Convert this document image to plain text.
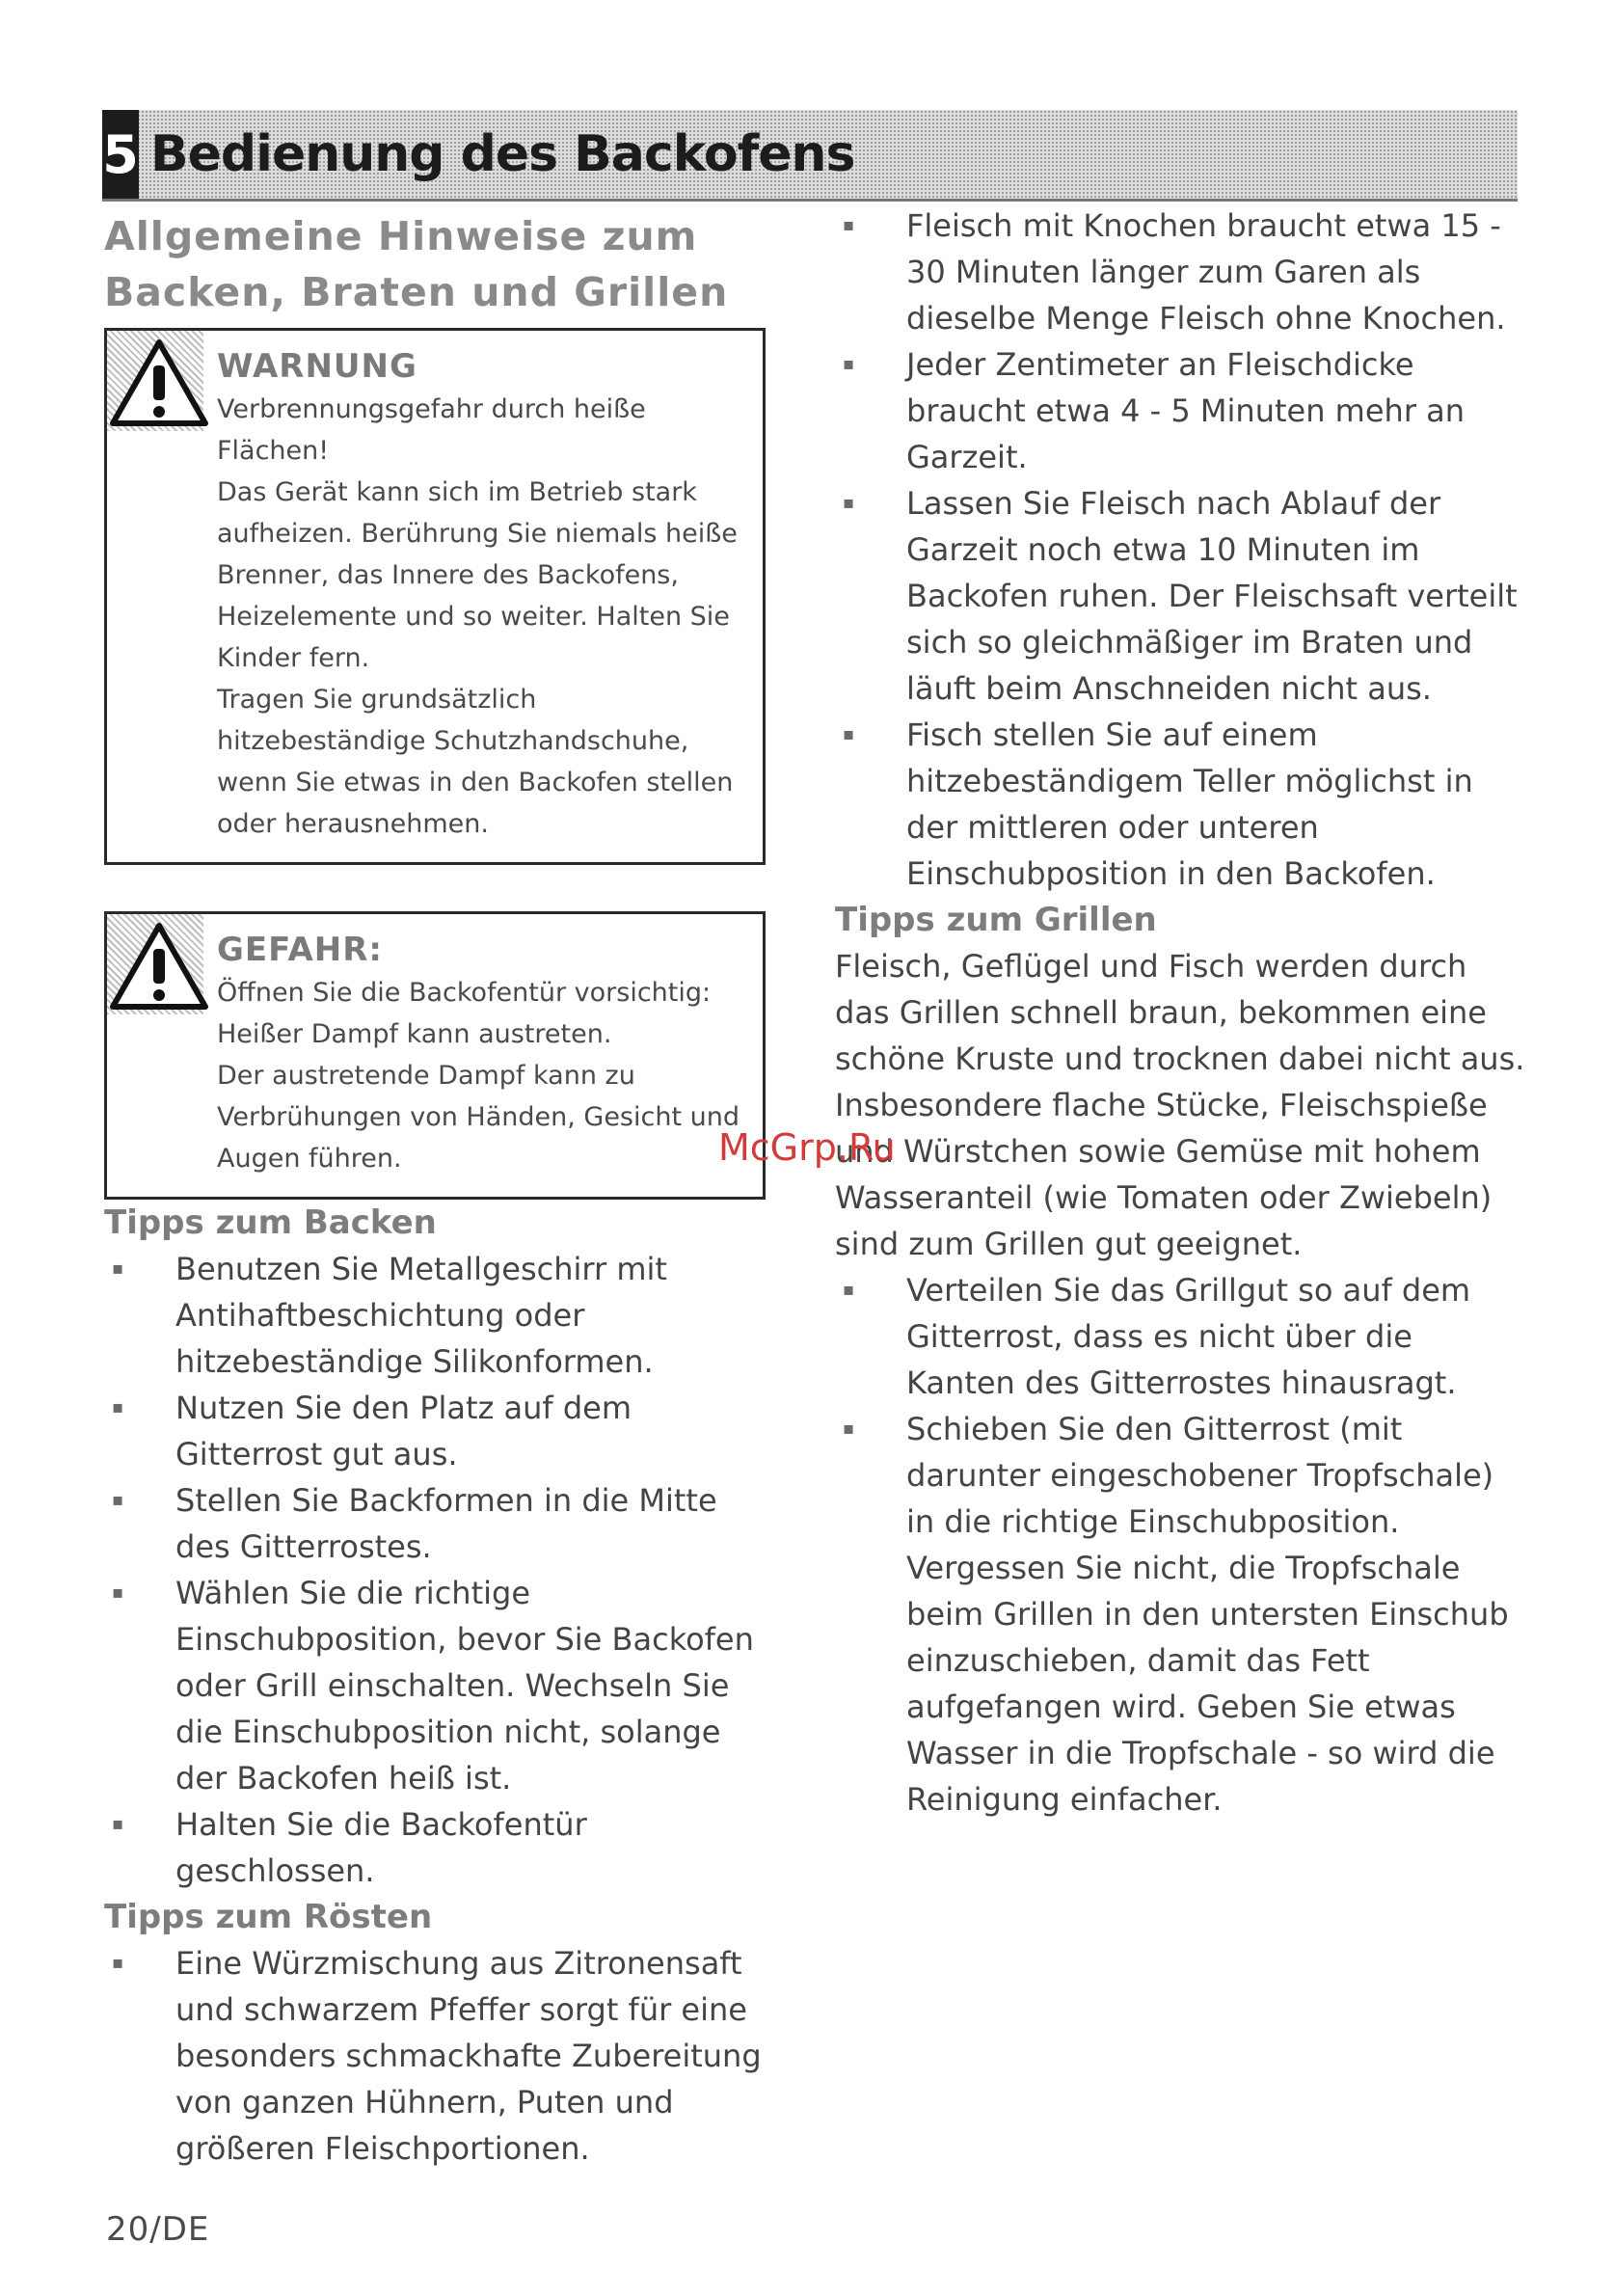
5 Bedienung des Backofens
Allgemeine Hinweise zum
Backen, Braten und Grillen
WARNUNG
Verbrennungsgefahr durch heiße Flächen!
Das Gerät kann sich im Betrieb stark aufheizen. Berührung Sie niemals heiße Brenner, das Innere des Backofens, Heizelemente und so weiter. Halten Sie Kinder fern.
Tragen Sie grundsätzlich hitzebeständige Schutzhandschuhe, wenn Sie etwas in den Backofen stellen oder herausnehmen.
GEFAHR:
Öffnen Sie die Backofentür vorsichtig: Heißer Dampf kann austreten.
Der austretende Dampf kann zu Verbrühungen von Händen, Gesicht und Augen führen.
Tipps zum Backen
▪ Benutzen Sie Metallgeschirr mit Antihaftbeschichtung oder hitzebeständige Silikonformen.
▪ Nutzen Sie den Platz auf dem Gitterrost gut aus.
▪ Stellen Sie Backformen in die Mitte des Gitterrostes.
▪ Wählen Sie die richtige Einschubposition, bevor Sie Backofen oder Grill einschalten. Wechseln Sie die Einschubposition nicht, solange der Backofen heiß ist.
▪ Halten Sie die Backofentür geschlossen.
Tipps zum Rösten
▪ Eine Würzmischung aus Zitronensaft und schwarzem Pfeffer sorgt für eine besonders schmackhafte Zubereitung von ganzen Hühnern, Puten und größeren Fleischportionen.
▪ Fleisch mit Knochen braucht etwa 15 - 30 Minuten länger zum Garen als dieselbe Menge Fleisch ohne Knochen.
▪ Jeder Zentimeter an Fleischdicke braucht etwa 4 - 5 Minuten mehr an Garzeit.
▪ Lassen Sie Fleisch nach Ablauf der Garzeit noch etwa 10 Minuten im Backofen ruhen. Der Fleischsaft verteilt sich so gleichmäßiger im Braten und läuft beim Anschneiden nicht aus.
▪ Fisch stellen Sie auf einem hitzebeständigem Teller möglichst in der mittleren oder unteren Einschubposition in den Backofen.
Tipps zum Grillen

Fleisch, Geflügel und Fisch werden durch das Grillen schnell braun, bekommen eine schöne Kruste und trocknen dabei nicht aus. Insbesondere flache Stücke, Fleischspieße und Würstchen sowie Gemüse mit hohem Wasseranteil (wie Tomaten oder Zwiebeln) sind zum Grillen gut geeignet.

▪ Verteilen Sie das Grillgut so auf dem Gitterrost, dass es nicht über die Kanten des Gitterrostes hinausragt.
▪ Schieben Sie den Gitterrost (mit darunter eingeschobener Tropfschale) in die richtige Einschubposition. Vergessen Sie nicht, die Tropfschale beim Grillen in den untersten Einschub einzuschieben, damit das Fett aufgefangen wird. Geben Sie etwas Wasser in die Tropfschale - so wird die Reinigung einfacher.
McGrp.Ru
20/DE
